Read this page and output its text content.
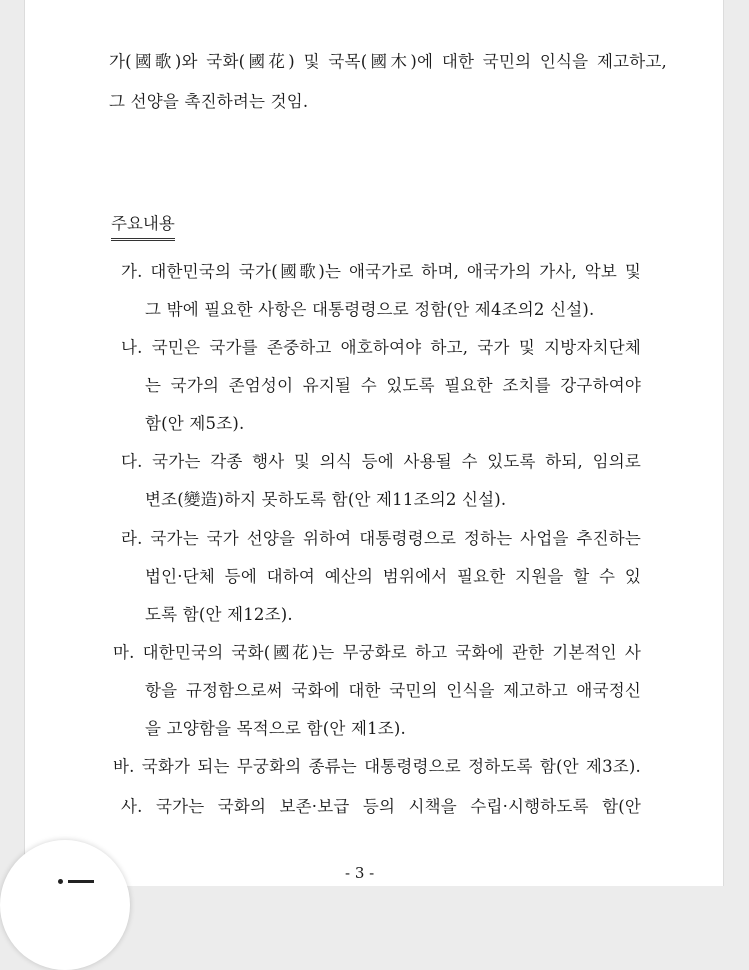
가(國歌)와 국화(國花) 및 국목(國木)에 대한 국민의 인식을 제고하고,
그 선양을 촉진하려는 것임.
주요내용
가. 대한민국의 국가(國歌)는 애국가로 하며, 애국가의 가사, 악보 및
그 밖에 필요한 사항은 대통령령으로 정함(안 제4조의2 신설).
나. 국민은 국가를 존중하고 애호하여야 하고, 국가 및 지방자치단체
는 국가의 존엄성이 유지될 수 있도록 필요한 조치를 강구하여야
함(안 제5조).
다. 국가는 각종 행사 및 의식 등에 사용될 수 있도록 하되, 임의로
변조(變造)하지 못하도록 함(안 제11조의2 신설).
라. 국가는 국가 선양을 위하여 대통령령으로 정하는 사업을 추진하는
법인·단체 등에 대하여 예산의 범위에서 필요한 지원을 할 수 있
도록 함(안 제12조).
마. 대한민국의 국화(國花)는 무궁화로 하고 국화에 관한 기본적인 사
항을 규정함으로써 국화에 대한 국민의 인식을 제고하고 애국정신
을 고양함을 목적으로 함(안 제1조).
바. 국화가 되는 무궁화의 종류는 대통령령으로 정하도록 함(안 제3조).
사. 국가는 국화의 보존·보급 등의 시책을 수립·시행하도록 함(안
- 3 -
